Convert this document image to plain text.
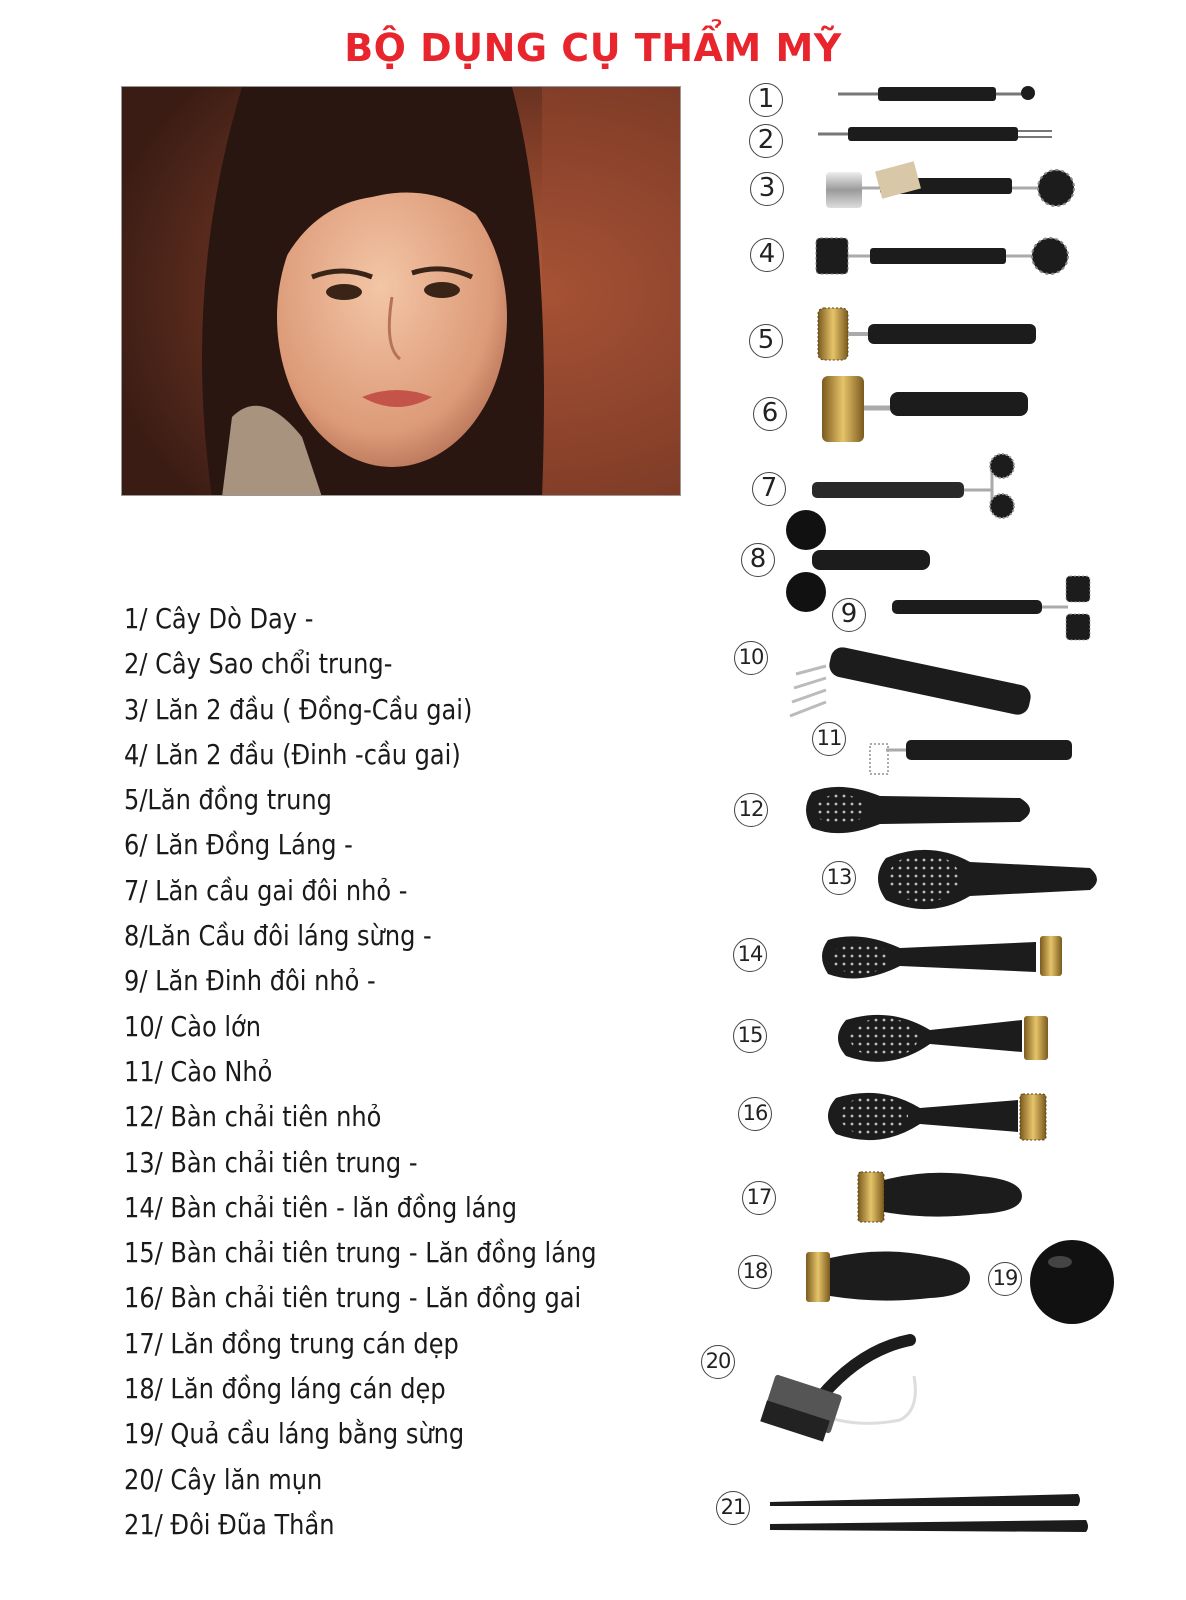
BỘ DỤNG CỤ THẨM MỸ
1/ Cây Dò Day -
2/ Cây Sao chổi trung-
3/ Lăn 2 đầu ( Đồng-Cầu gai)
4/ Lăn 2 đầu (Đinh -cầu gai)
5/Lăn đồng trung
6/ Lăn Đồng Láng -
7/ Lăn cầu gai đôi nhỏ -
8/Lăn Cầu đôi láng sừng -
9/ Lăn Đinh đôi nhỏ -
10/ Cào lớn
11/ Cào Nhỏ
12/ Bàn chải tiên nhỏ
13/ Bàn chải tiên trung -
14/ Bàn chải tiên - lăn đồng láng
15/ Bàn chải tiên trung - Lăn đồng láng
16/ Bàn chải tiên trung - Lăn đồng gai
17/ Lăn đồng trung cán dẹp
18/ Lăn đồng láng cán dẹp
19/ Quả cầu láng bằng sừng
20/ Cây lăn mụn
21/ Đôi Đũa Thần
1
2
3
4
5
6
7
8
9
10
11
12
13
14
15
16
17
18	19
20
21
